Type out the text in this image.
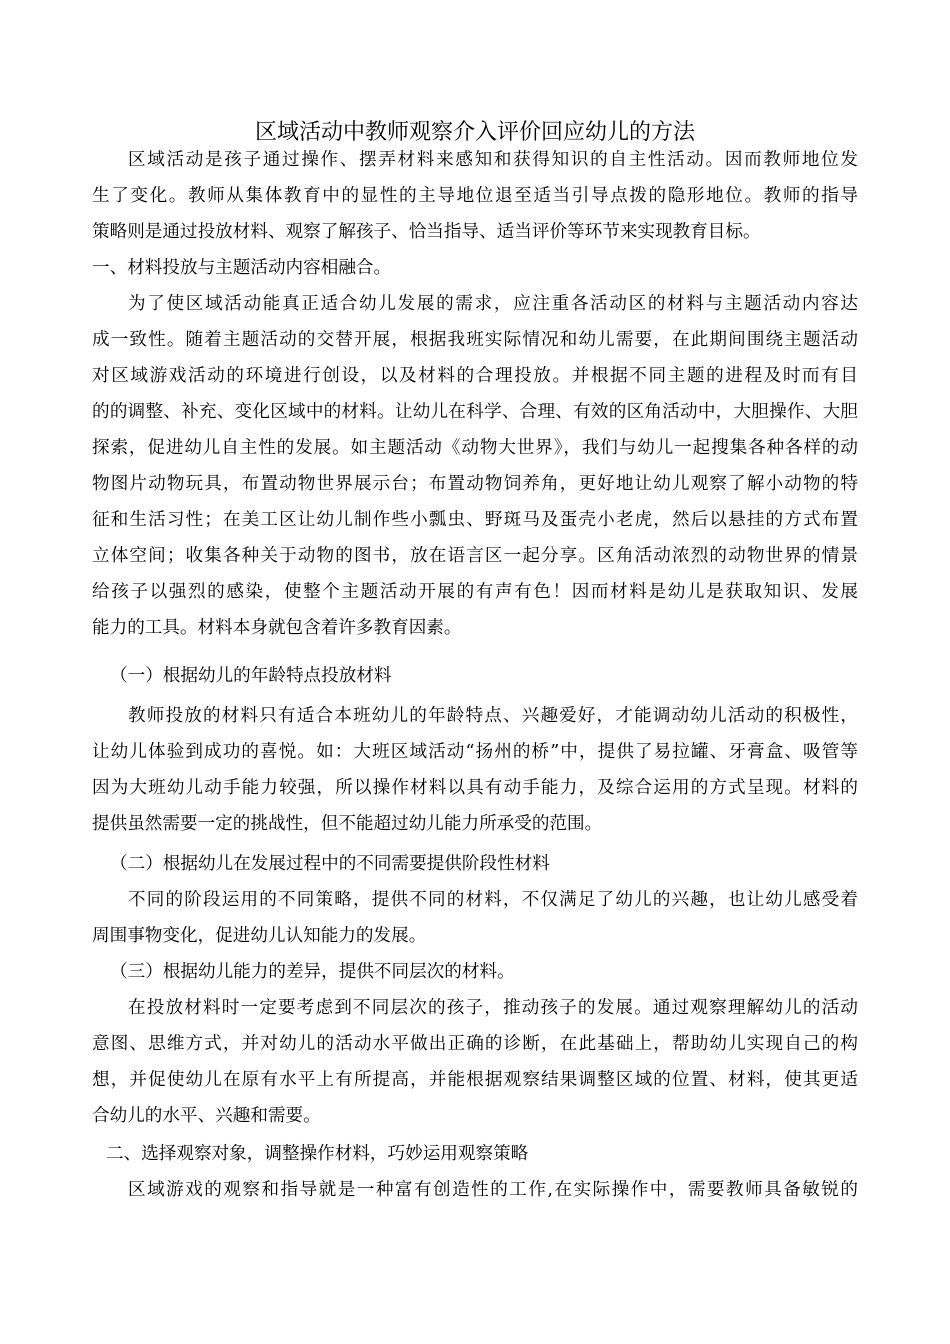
区域活动中教师观察介入评价回应幼儿的方法
区域活动是孩子通过操作、摆弄材料来感知和获得知识的自主性活动。因而教师地位发
生了变化。教师从集体教育中的显性的主导地位退至适当引导点拨的隐形地位。教师的指导
策略则是通过投放材料、观察了解孩子、恰当指导、适当评价等环节来实现教育目标。
一、材料投放与主题活动内容相融合。
为了使区域活动能真正适合幼儿发展的需求，应注重各活动区的材料与主题活动内容达
成一致性。随着主题活动的交替开展，根据我班实际情况和幼儿需要，在此期间围绕主题活动
对区域游戏活动的环境进行创设，以及材料的合理投放。并根据不同主题的进程及时而有目
的的调整、补充、变化区域中的材料。让幼儿在科学、合理、有效的区角活动中，大胆操作、大胆
探索，促进幼儿自主性的发展。如主题活动《动物大世界》，我们与幼儿一起搜集各种各样的动
物图片动物玩具，布置动物世界展示台；布置动物饲养角，更好地让幼儿观察了解小动物的特
征和生活习性；在美工区让幼儿制作些小瓢虫、野斑马及蛋壳小老虎，然后以悬挂的方式布置
立体空间；收集各种关于动物的图书，放在语言区一起分享。区角活动浓烈的动物世界的情景
给孩子以强烈的感染，使整个主题活动开展的有声有色！因而材料是幼儿是获取知识、发展
能力的工具。材料本身就包含着许多教育因素。
（一）根据幼儿的年龄特点投放材料
教师投放的材料只有适合本班幼儿的年龄特点、兴趣爱好，才能调动幼儿活动的积极性，
让幼儿体验到成功的喜悦。如：大班区域活动“扬州的桥”中，提供了易拉罐、牙膏盒、吸管等
因为大班幼儿动手能力较强，所以操作材料以具有动手能力，及综合运用的方式呈现。材料的
提供虽然需要一定的挑战性，但不能超过幼儿能力所承受的范围。
（二）根据幼儿在发展过程中的不同需要提供阶段性材料
不同的阶段运用的不同策略，提供不同的材料，不仅满足了幼儿的兴趣，也让幼儿感受着
周围事物变化，促进幼儿认知能力的发展。
（三）根据幼儿能力的差异，提供不同层次的材料。
在投放材料时一定要考虑到不同层次的孩子，推动孩子的发展。通过观察理解幼儿的活动
意图、思维方式，并对幼儿的活动水平做出正确的诊断，在此基础上，帮助幼儿实现自己的构
想，并促使幼儿在原有水平上有所提高，并能根据观察结果调整区域的位置、材料，使其更适
合幼儿的水平、兴趣和需要。
二、选择观察对象，调整操作材料，巧妙运用观察策略
区域游戏的观察和指导就是一种富有创造性的工作,在实际操作中，需要教师具备敏锐的
